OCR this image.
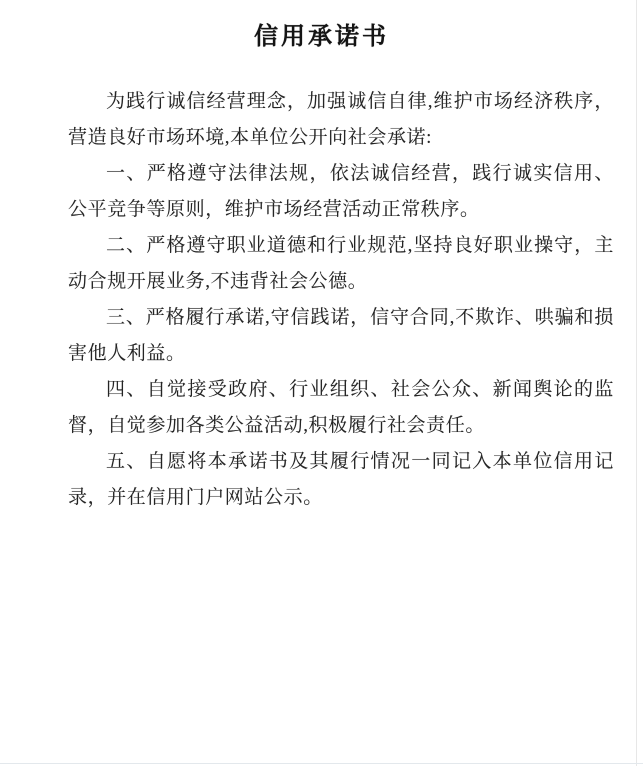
信用承诺书

为践行诚信经营理念，加强诚信自律,维护市场经济秩序，营造良好市场环境,本单位公开向社会承诺:

一、严格遵守法律法规，依法诚信经营，践行诚实信用、公平竞争等原则，维护市场经营活动正常秩序。

二、严格遵守职业道德和行业规范,坚持良好职业操守，主动合规开展业务,不违背社会公德。

三、严格履行承诺,守信践诺，信守合同,不欺诈、哄骗和损害他人利益。

四、自觉接受政府、行业组织、社会公众、新闻舆论的监督，自觉参加各类公益活动,积极履行社会责任。

五、自愿将本承诺书及其履行情况一同记入本单位信用记录，并在信用门户网站公示。
